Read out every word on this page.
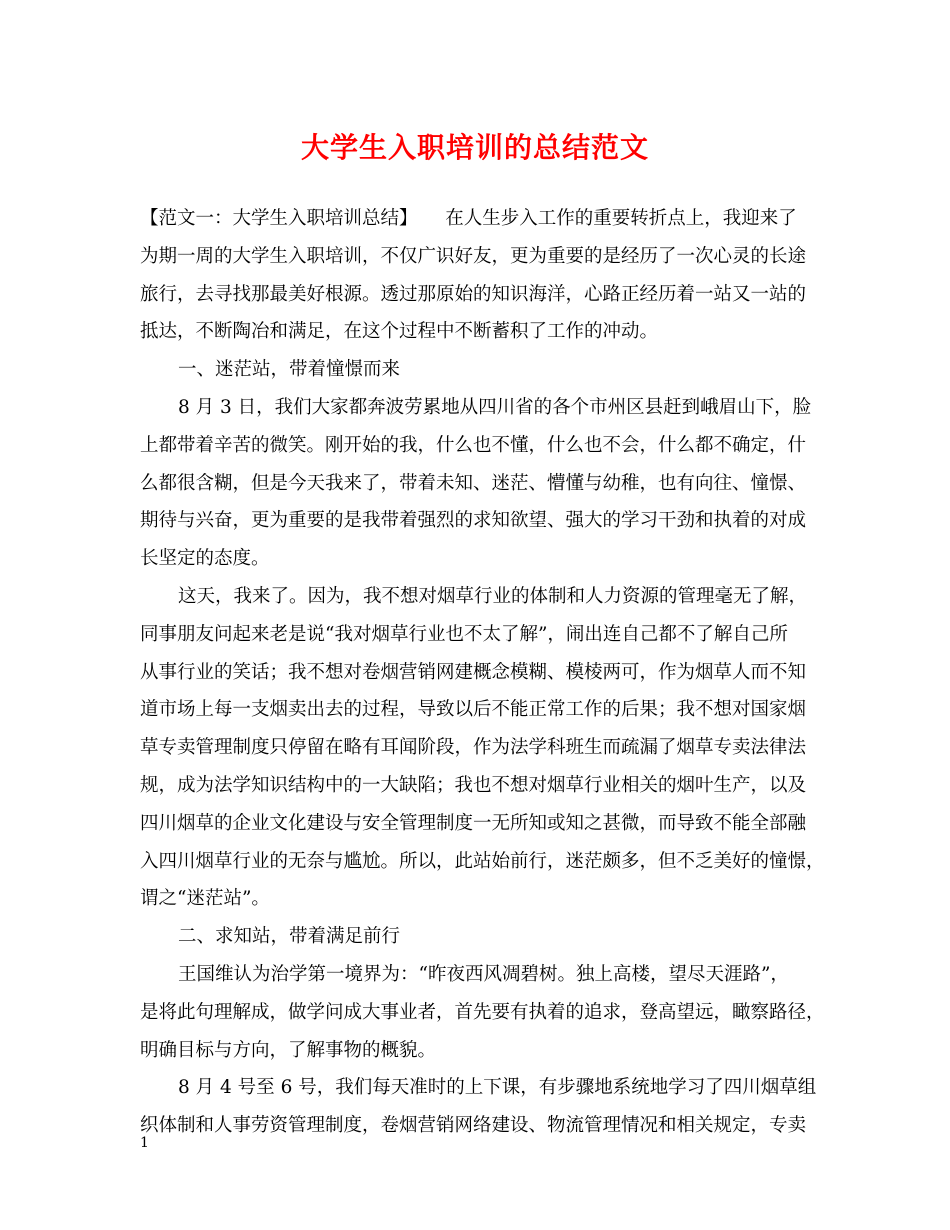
大学生入职培训的总结范文
【范文一：大学生入职培训总结】　　在人生步入工作的重要转折点上，我迎来了
为期一周的大学生入职培训，不仅广识好友，更为重要的是经历了一次心灵的长途
旅行，去寻找那最美好根源。透过那原始的知识海洋，心路正经历着一站又一站的
抵达，不断陶冶和满足，在这个过程中不断蓄积了工作的冲动。
一、迷茫站，带着憧憬而来
8 月 3 日，我们大家都奔波劳累地从四川省的各个市州区县赶到峨眉山下，脸
上都带着辛苦的微笑。刚开始的我，什么也不懂，什么也不会，什么都不确定，什
么都很含糊，但是今天我来了，带着未知、迷茫、懵懂与幼稚，也有向往、憧憬、
期待与兴奋，更为重要的是我带着强烈的求知欲望、强大的学习干劲和执着的对成
长坚定的态度。
这天，我来了。因为，我不想对烟草行业的体制和人力资源的管理毫无了解，
同事朋友问起来老是说“我对烟草行业也不太了解”，闹出连自己都不了解自己所
从事行业的笑话；我不想对卷烟营销网建概念模糊、模棱两可，作为烟草人而不知
道市场上每一支烟卖出去的过程，导致以后不能正常工作的后果；我不想对国家烟
草专卖管理制度只停留在略有耳闻阶段，作为法学科班生而疏漏了烟草专卖法律法
规，成为法学知识结构中的一大缺陷；我也不想对烟草行业相关的烟叶生产，以及
四川烟草的企业文化建设与安全管理制度一无所知或知之甚微，而导致不能全部融
入四川烟草行业的无奈与尴尬。所以，此站始前行，迷茫颇多，但不乏美好的憧憬，
谓之“迷茫站”。
二、求知站，带着满足前行
王国维认为治学第一境界为：“昨夜西风凋碧树。独上高楼，望尽天涯路”，
是将此句理解成，做学问成大事业者，首先要有执着的追求，登高望远，瞰察路径，
明确目标与方向，了解事物的概貌。
8 月 4 号至 6 号，我们每天准时的上下课，有步骤地系统地学习了四川烟草组
织体制和人事劳资管理制度，卷烟营销网络建设、物流管理情况和相关规定，专卖
1
